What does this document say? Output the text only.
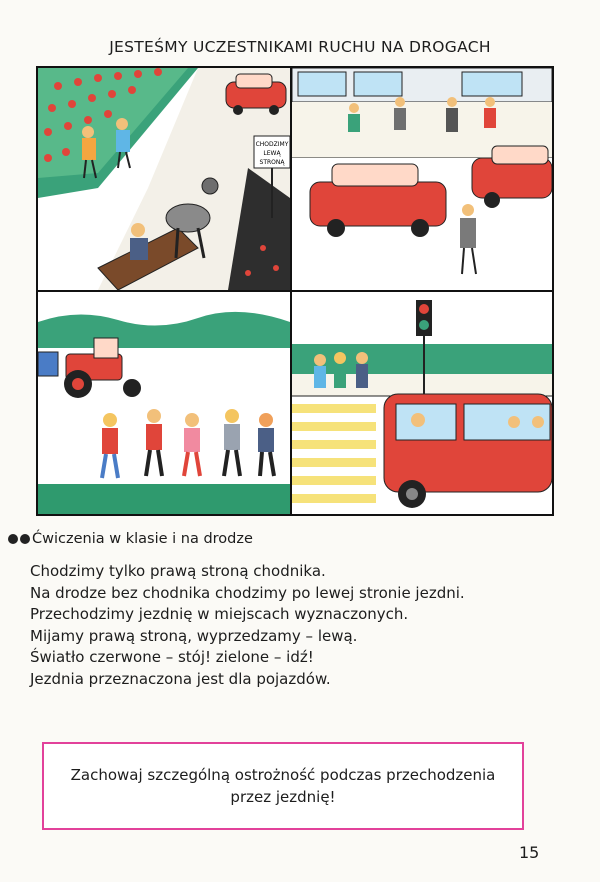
JESTEŚMY UCZESTNIKAMI RUCHU NA DROGACH
CHODZIMY
LEWĄ
STRONĄ
Ćwiczenia w klasie i na drodze
Chodzimy tylko prawą stroną chodnika.
Na drodze bez chodnika chodzimy po lewej stronie jezdni.
Przechodzimy jezdnię w miejscach wyznaczonych.
Mijamy prawą stroną, wyprzedzamy – lewą.
Światło czerwone – stój! zielone – idź!
Jezdnia przeznaczona jest dla pojazdów.
Zachowaj szczególną ostrożność podczas przechodzenia
przez jezdnię!
15
